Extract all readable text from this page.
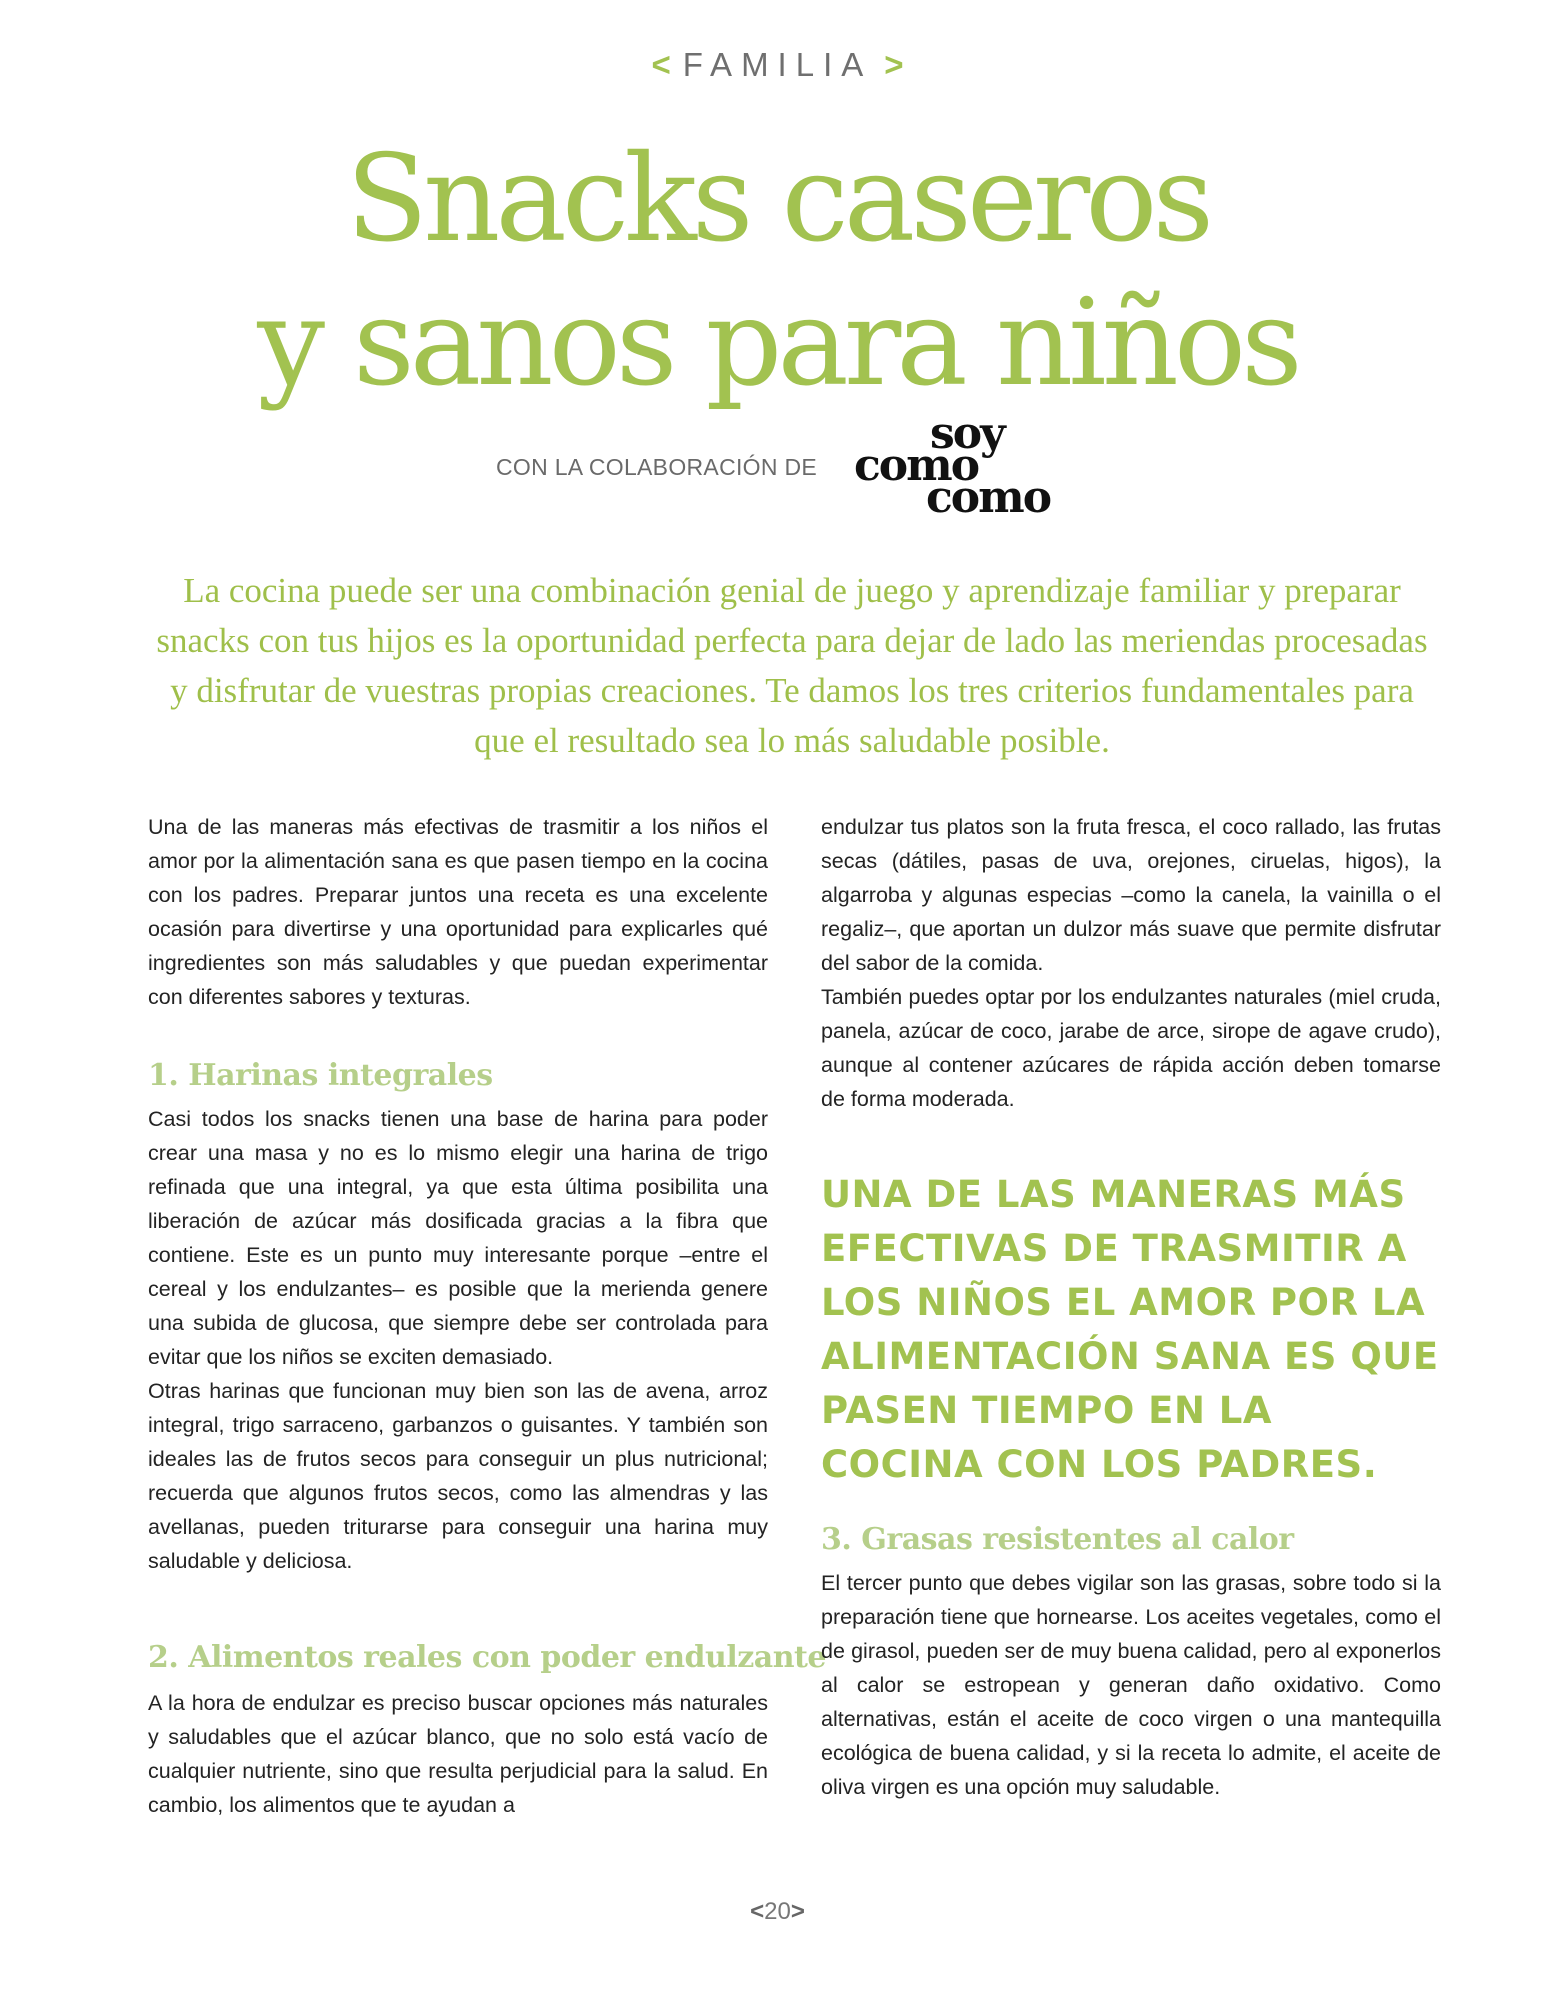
< FAMILIA >
Snacks caseros
y sanos para niños
CON LA COLABORACIÓN DE
soy
como
como

La cocina puede ser una combinación genial de juego y aprendizaje familiar y preparar snacks con tus hijos es la oportunidad perfecta para dejar de lado las meriendas procesadas y disfrutar de vuestras propias creaciones. Te damos los tres criterios fundamentales para que el resultado sea lo más saludable posible.

Una de las maneras más efectivas de trasmitir a los niños el amor por la alimentación sana es que pasen tiempo en la cocina con los padres. Preparar juntos una receta es una excelente ocasión para divertirse y una oportunidad para explicarles qué ingredientes son más saludables y que puedan experimentar con diferentes sabores y texturas.

1. Harinas integrales

Casi todos los snacks tienen una base de harina para poder crear una masa y no es lo mismo elegir una harina de trigo refinada que una integral, ya que esta última posibilita una liberación de azúcar más dosificada gracias a la fibra que contiene. Este es un punto muy interesante porque –entre el cereal y los endulzantes– es posible que la merienda genere una subida de glucosa, que siempre debe ser controlada para evitar que los niños se exciten demasiado.

Otras harinas que funcionan muy bien son las de avena, arroz integral, trigo sarraceno, garbanzos o guisantes. Y también son ideales las de frutos secos para conseguir un plus nutricional; recuerda que algunos frutos secos, como las almendras y las avellanas, pueden triturarse para conseguir una harina muy saludable y deliciosa.

2. Alimentos reales con poder endulzante

A la hora de endulzar es preciso buscar opciones más naturales y saludables que el azúcar blanco, que no solo está vacío de cualquier nutriente, sino que resulta perjudicial para la salud. En cambio, los alimentos que te ayudan a

endulzar tus platos son la fruta fresca, el coco rallado, las frutas secas (dátiles, pasas de uva, orejones, ciruelas, higos), la algarroba y algunas especias –como la canela, la vainilla o el regaliz–, que aportan un dulzor más suave que permite disfrutar del sabor de la comida.

También puedes optar por los endulzantes naturales (miel cruda, panela, azúcar de coco, jarabe de arce, sirope de agave crudo), aunque al contener azúcares de rápida acción deben tomarse de forma moderada.

UNA DE LAS MANERAS MÁS EFECTIVAS DE TRASMITIR A LOS NIÑOS EL AMOR POR LA ALIMENTACIÓN SANA ES QUE PASEN TIEMPO EN LA COCINA CON LOS PADRES.
3. Grasas resistentes al calor

El tercer punto que debes vigilar son las grasas, sobre todo si la preparación tiene que hornearse. Los aceites vegetales, como el de girasol, pueden ser de muy buena calidad, pero al exponerlos al calor se estropean y generan daño oxidativo. Como alternativas, están el aceite de coco virgen o una mantequilla ecológica de buena calidad, y si la receta lo admite, el aceite de oliva virgen es una opción muy saludable.

<20>
